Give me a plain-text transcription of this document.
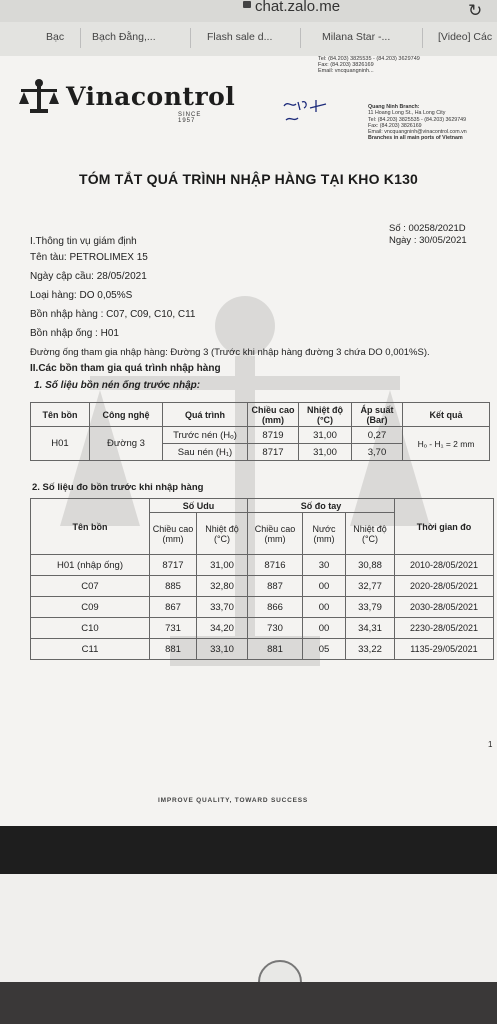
chat.zalo.me	↻
Bạc	Bạch Đằng,...	Flash sale d...	Milana Star -...	[Video] Các
Tel: (84.203) 3825535 - (84.203) 3629749
Fax: (84.203) 3826169
Email: vncquangninh...
Vinacontrol
SINCE 1957
Quang Ninh Branch:
11 Hoang Long St., Ha Long City
Tel: (84.203) 3825535 - (84.203) 3629749
Fax: (84.203) 3826169
Email: vncquangninh@vinacontrol.com.vn
Branches in all main ports of Vietnam
TÓM TẮT QUÁ TRÌNH NHẬP HÀNG TẠI KHO K130
Số : 00258/2021D
Ngày : 30/05/2021
I.Thông tin vụ giám định
Tên tàu: PETROLIMEX 15
Ngày cập cầu: 28/05/2021
Loại hàng: DO 0,05%S
Bồn nhập hàng : C07, C09, C10, C11
Bồn nhập ống : H01
Đường ống tham gia nhập hàng: Đường 3 (Trước khi nhập hàng đường 3 chứa DO 0,001%S).
II.Các bồn tham gia quá trình nhập hàng
1. Số liệu bồn nén ống trước nhập:
Tên bồn	Công nghệ	Quá trình	Chiều cao (mm)	Nhiệt độ (°C)	Áp suất (Bar)	Kết quả
H01	Đường 3	Trước nén (Hₒ)	8719	31,00	0,27	Hₒ - H₁ = 2 mm
		Sau nén (H₁)	8717	31,00	3,70	
2. Số liệu đo bồn trước khi nhập hàng
Tên bồn	Số Udu		Số đo tay			Thời gian đo
	Chiều cao (mm)	Nhiệt độ (°C)	Chiều cao (mm)	Nước (mm)	Nhiệt độ (°C)	
H01 (nhập ống)	8717	31,00	8716	30	30,88	2010-28/05/2021
C07	885	32,80	887	00	32,77	2020-28/05/2021
C09	867	33,70	866	00	33,79	2030-28/05/2021
C10	731	34,20	730	00	34,31	2230-28/05/2021
C11	881	33,10	881	05	33,22	1135-29/05/2021
1
IMPROVE QUALITY, TOWARD SUCCESS
